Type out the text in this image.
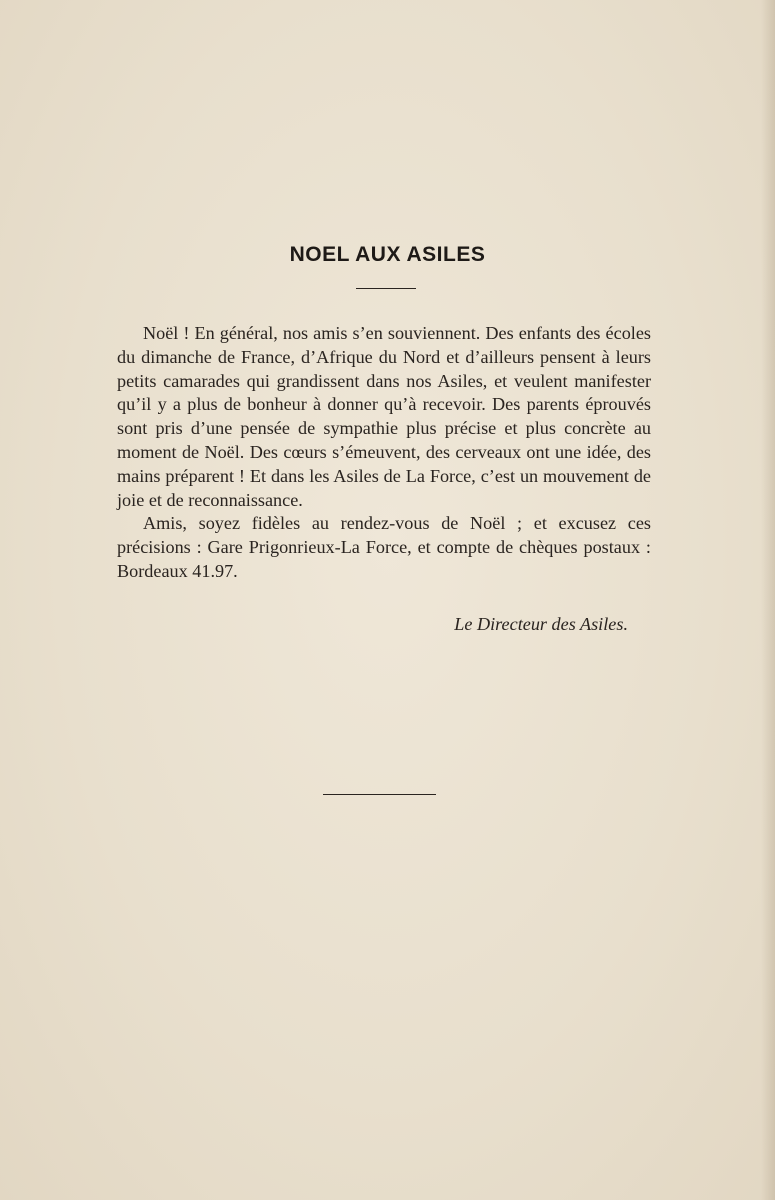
NOEL AUX ASILES

Noël ! En général, nos amis s’en souviennent. Des enfants des écoles du dimanche de France, d’Afrique du Nord et d’ailleurs pensent à leurs petits camarades qui grandissent dans nos Asiles, et veulent manifester qu’il y a plus de bonheur à donner qu’à recevoir. Des parents éprouvés sont pris d’une pensée de sympathie plus précise et plus concrète au moment de Noël. Des cœurs s’émeuvent, des cerveaux ont une idée, des mains préparent ! Et dans les Asiles de La Force, c’est un mouvement de joie et de reconnaissance.

Amis, soyez fidèles au rendez-vous de Noël ; et excusez ces précisions : Gare Prigonrieux-La Force, et compte de chèques postaux : Bordeaux 41.97.

Le Directeur des Asiles.
